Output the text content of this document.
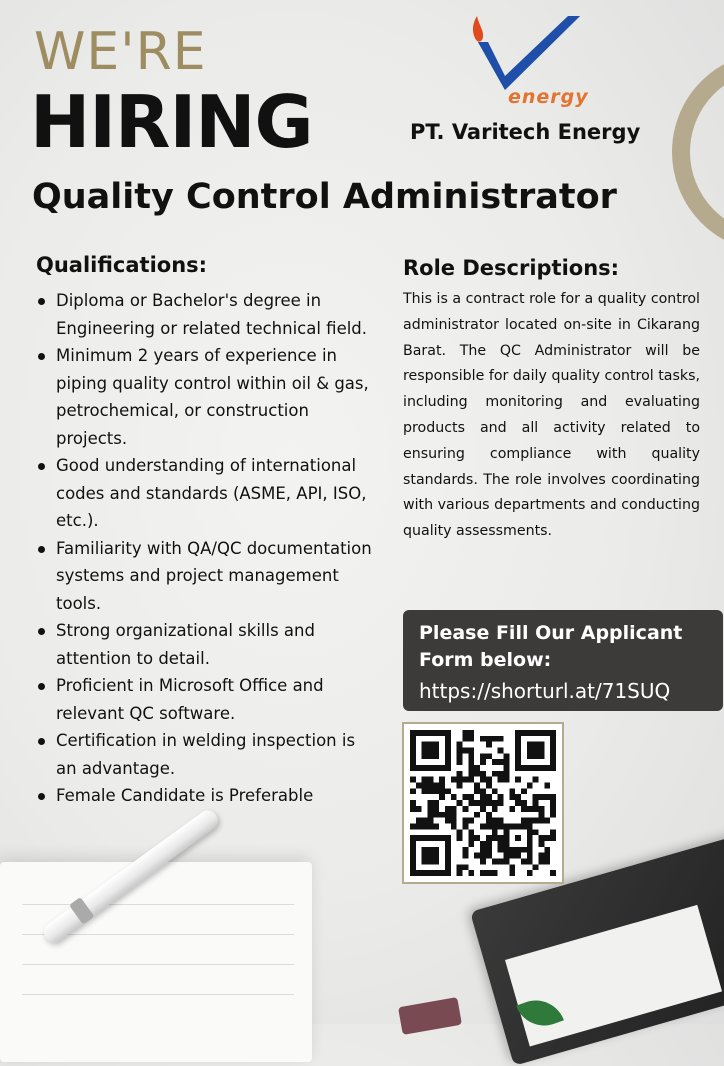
WE'RE
HIRING
Quality Control Administrator
energy
PT. Varitech Energy
Qualifications:
Diploma or Bachelor's degree in Engineering or related technical field.
Minimum 2 years of experience in piping quality control within oil & gas, petrochemical, or construction projects.
Good understanding of international codes and standards (ASME, API, ISO, etc.).
Familiarity with QA/QC documentation systems and project management tools.
Strong organizational skills and attention to detail.
Proficient in Microsoft Office and relevant QC software.
Certification in welding inspection is an advantage.
Female Candidate is Preferable
Role Descriptions:
This is a contract role for a quality control administrator located on-site in Cikarang Barat. The QC Administrator will be responsible for daily quality control tasks, including monitoring and evaluating products and all activity related to ensuring compliance with quality standards. The role involves coordinating with various departments and conducting quality assessments.
Please Fill Our Applicant Form below:
https://shorturl.at/71SUQ
